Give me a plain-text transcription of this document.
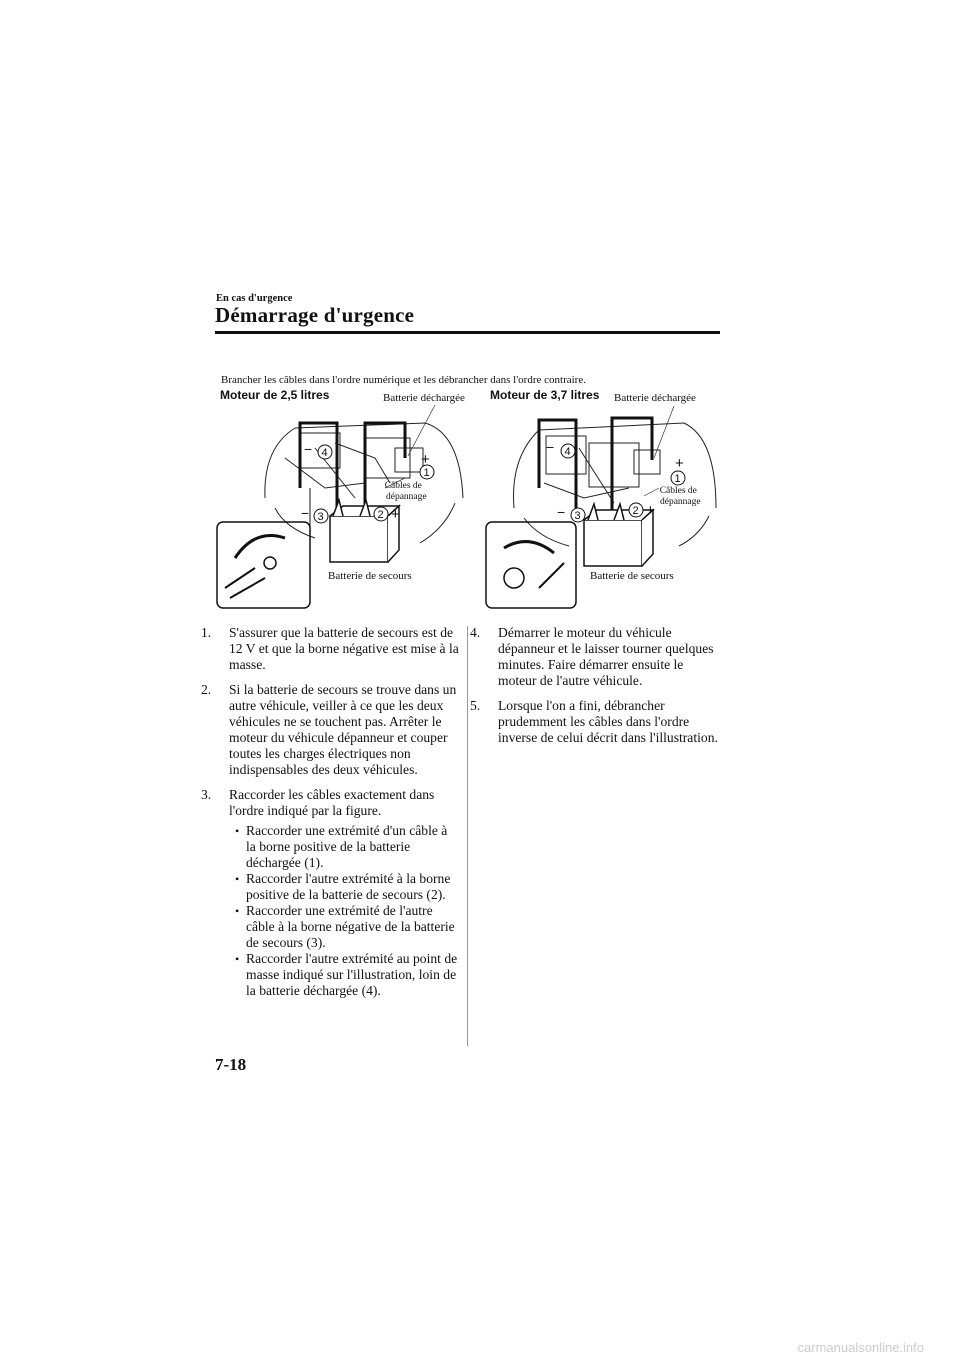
En cas d'urgence
Démarrage d'urgence
Brancher les câbles dans l'ordre numérique et les débrancher dans l'ordre contraire.
4
−
1
+
3
−	2 +
Moteur de 2,5 litres	Batterie déchargée
Câbles de
dépannage
Batterie de secours
4
−
1
+
3
−	2 +
Moteur de 3,7 litres Batterie déchargée
Câbles de
dépannage
Batterie de secours
1. S'assurer que la batterie de secours est de 12 V et que la borne négative est mise à la masse.
2. Si la batterie de secours se trouve dans un autre véhicule, veiller à ce que les deux véhicules ne se touchent pas. Arrêter le moteur du véhicule dépanneur et couper toutes les charges électriques non indispensables des deux véhicules.
3. Raccorder les câbles exactement dans l'ordre indiqué par la figure.
• Raccorder une extrémité d'un câble à la borne positive de la batterie déchargée (1).
• Raccorder l'autre extrémité à la borne positive de la batterie de secours (2).
• Raccorder une extrémité de l'autre câble à la borne négative de la batterie de secours (3).
• Raccorder l'autre extrémité au point de masse indiqué sur l'illustration, loin de la batterie déchargée (4).
4. Démarrer le moteur du véhicule dépanneur et le laisser tourner quelques minutes. Faire démarrer ensuite le moteur de l'autre véhicule.
5. Lorsque l'on a fini, débrancher prudemment les câbles dans l'ordre inverse de celui décrit dans l'illustration.
7-18
carmanualsonline.info
